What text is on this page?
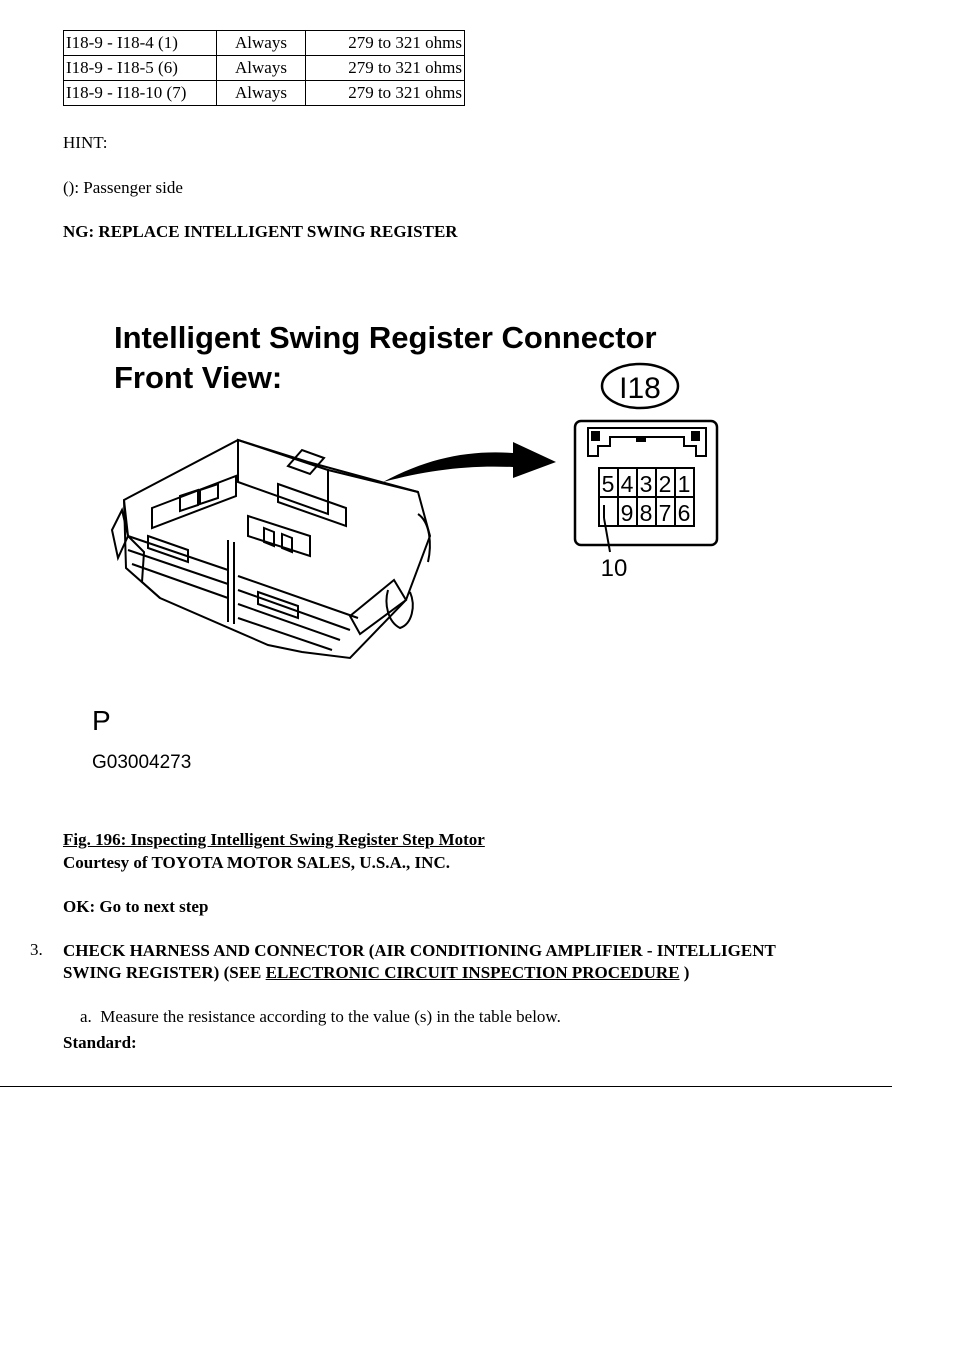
I18-9 - I18-4 (1)	Always	279 to 321 ohms
I18-9 - I18-5 (6)	Always	279 to 321 ohms
I18-9 - I18-10 (7)	Always	279 to 321 ohms

HINT:

(): Passenger side

NG: REPLACE INTELLIGENT SWING REGISTER

Intelligent Swing Register Connector
Front View:	I18
5 4 3 2 1
9 8 7 6
10
P
G03004273

Fig. 196: Inspecting Intelligent Swing Register Step Motor

Courtesy of TOYOTA MOTOR SALES, U.S.A., INC.

OK: Go to next step

3. CHECK HARNESS AND CONNECTOR (AIR CONDITIONING AMPLIFIER - INTELLIGENT
SWING REGISTER) (SEE ELECTRONIC CIRCUIT INSPECTION PROCEDURE )

a.  Measure the resistance according to the value (s) in the table below.

Standard:
